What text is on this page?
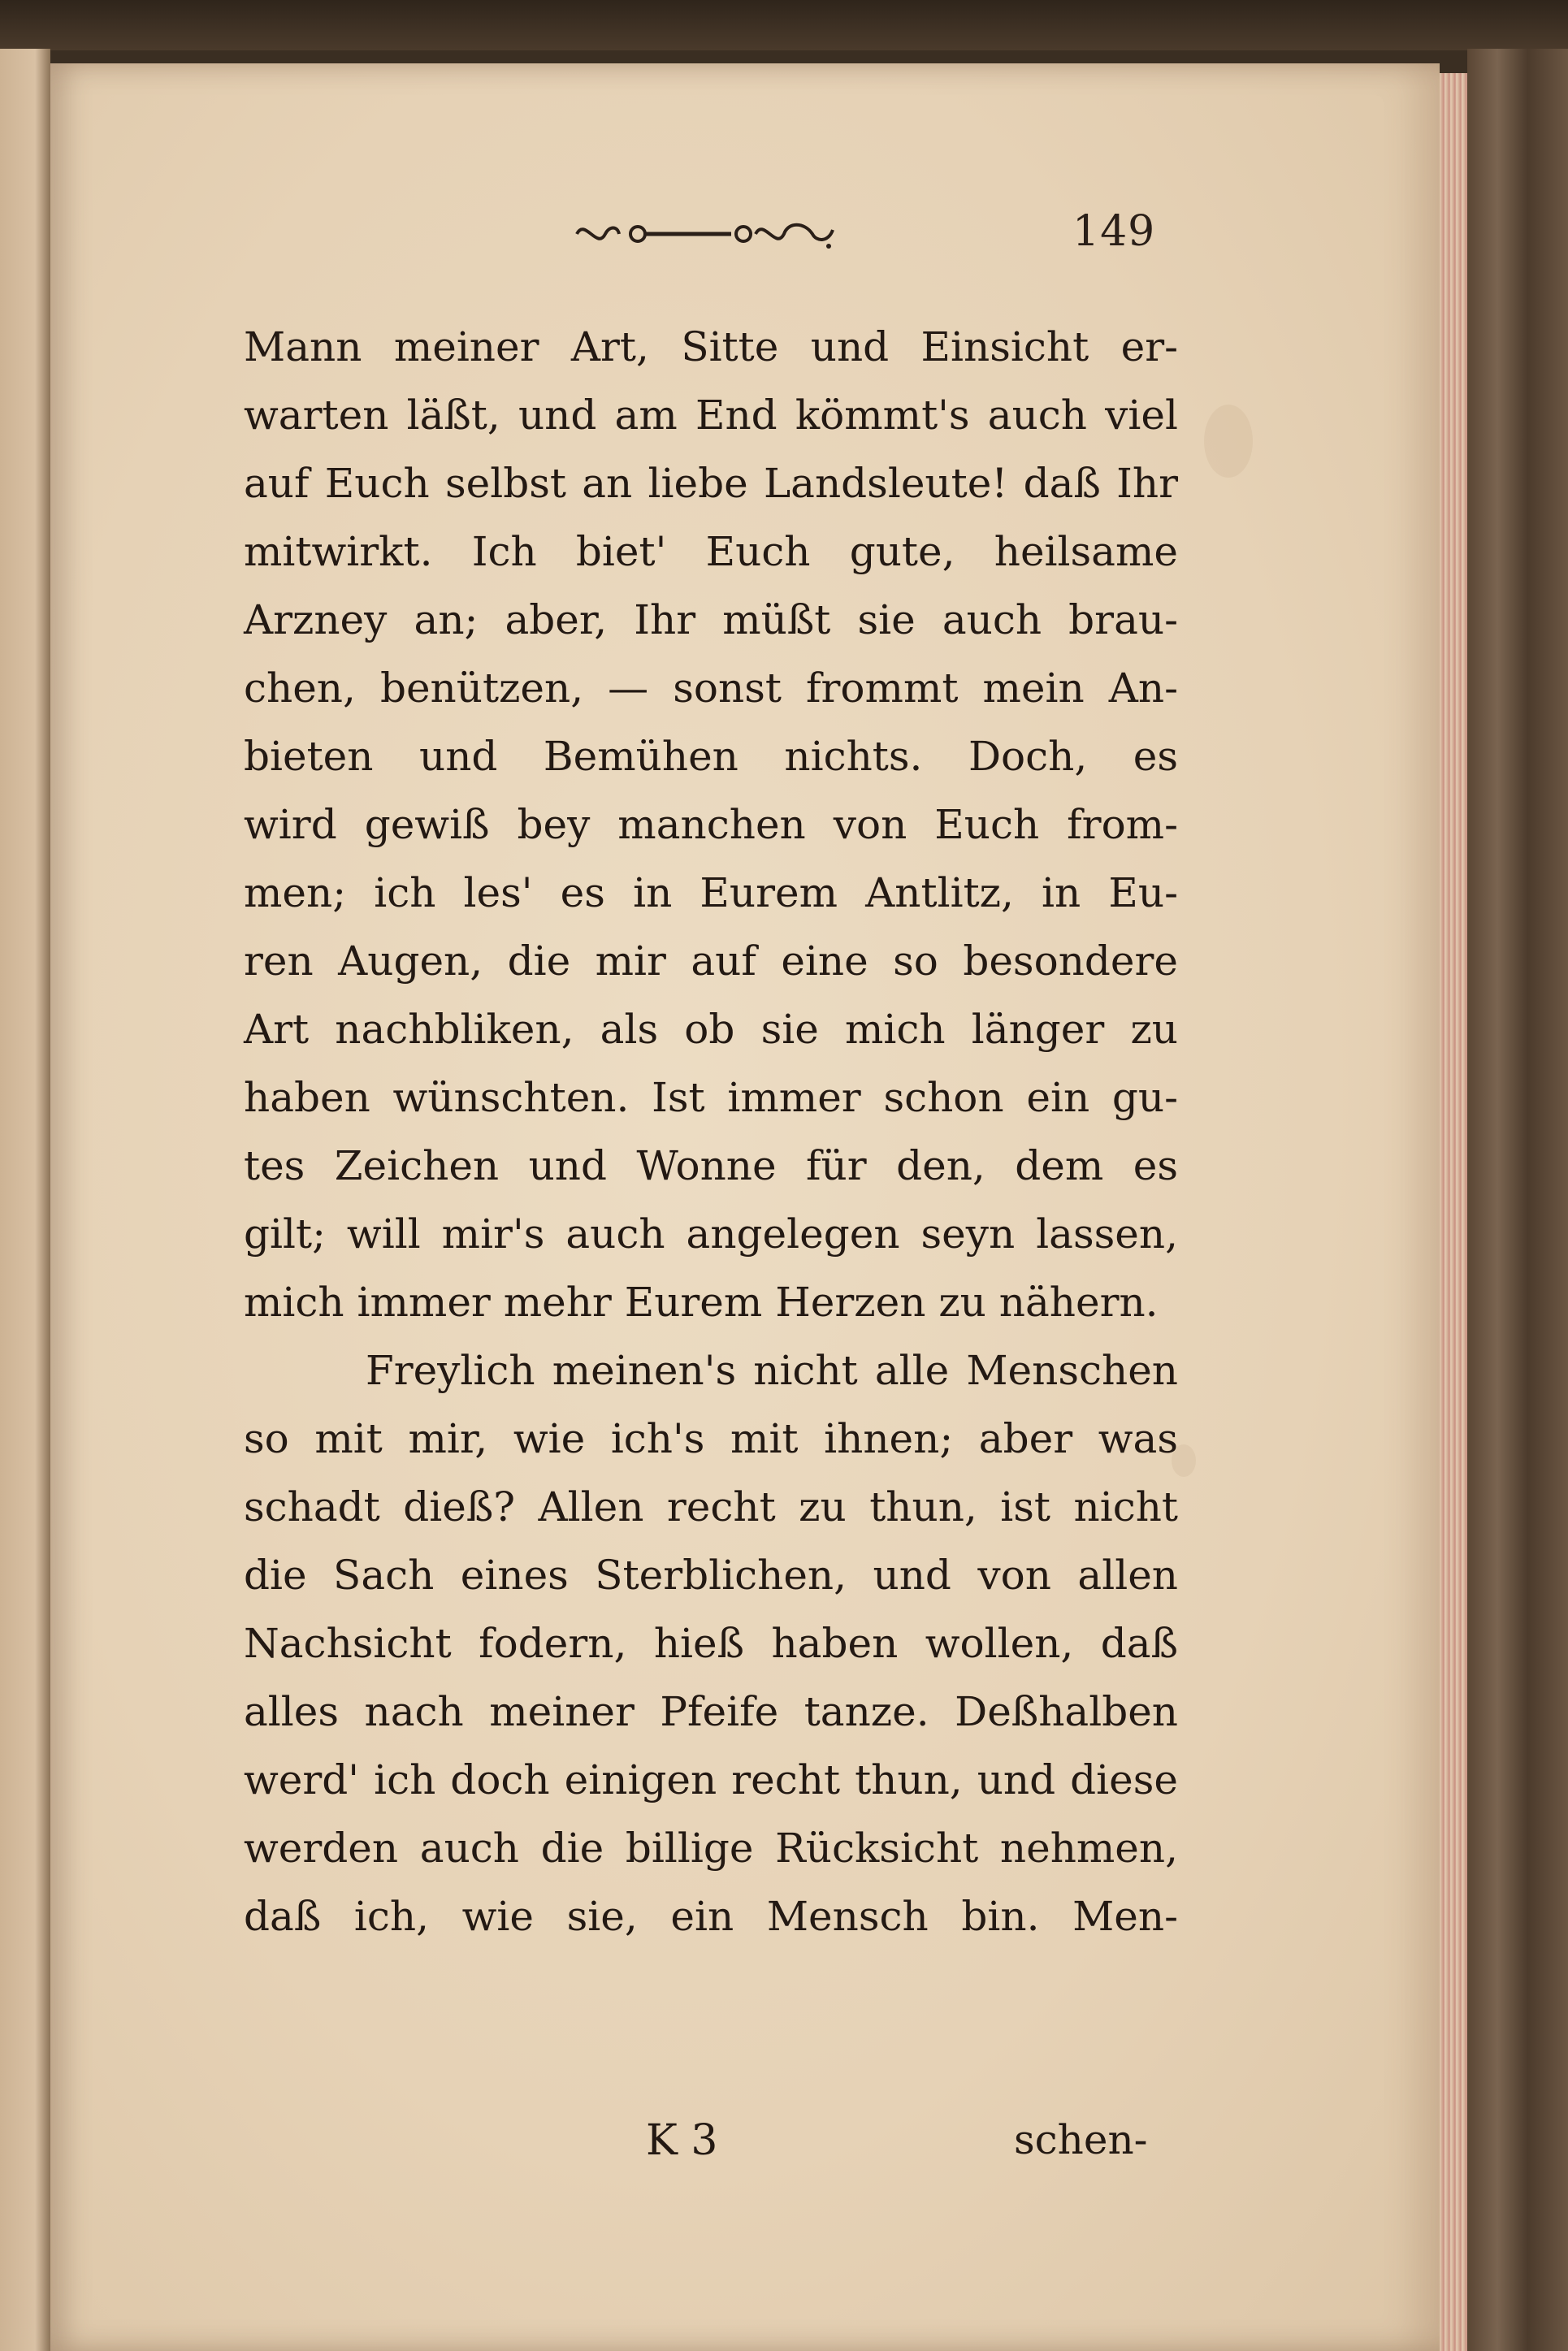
149
Mann meiner Art, Sitte und Einsicht er-
warten läßt, und am End kömmt's auch viel
auf Euch selbst an liebe Landsleute! daß Ihr
mitwirkt. Ich biet' Euch gute, heilsame
Arzney an; aber, Ihr müßt sie auch brau-
chen, benützen, — sonst frommt mein An-
bieten und Bemühen nichts. Doch, es
wird gewiß bey manchen von Euch from-
men; ich les' es in Eurem Antlitz, in Eu-
ren Augen, die mir auf eine so besondere
Art nachbliken, als ob sie mich länger zu
haben wünschten. Ist immer schon ein gu-
tes Zeichen und Wonne für den, dem es
gilt; will mir's auch angelegen seyn lassen,
mich immer mehr Eurem Herzen zu nähern.
Freylich meinen's nicht alle Menschen
so mit mir, wie ich's mit ihnen; aber was
schadt dieß? Allen recht zu thun, ist nicht
die Sach eines Sterblichen, und von allen
Nachsicht fodern, hieß haben wollen, daß
alles nach meiner Pfeife tanze. Deßhalben
werd' ich doch einigen recht thun, und diese
werden auch die billige Rücksicht nehmen,
daß ich, wie sie, ein Mensch bin. Men-
K 3	schen-
